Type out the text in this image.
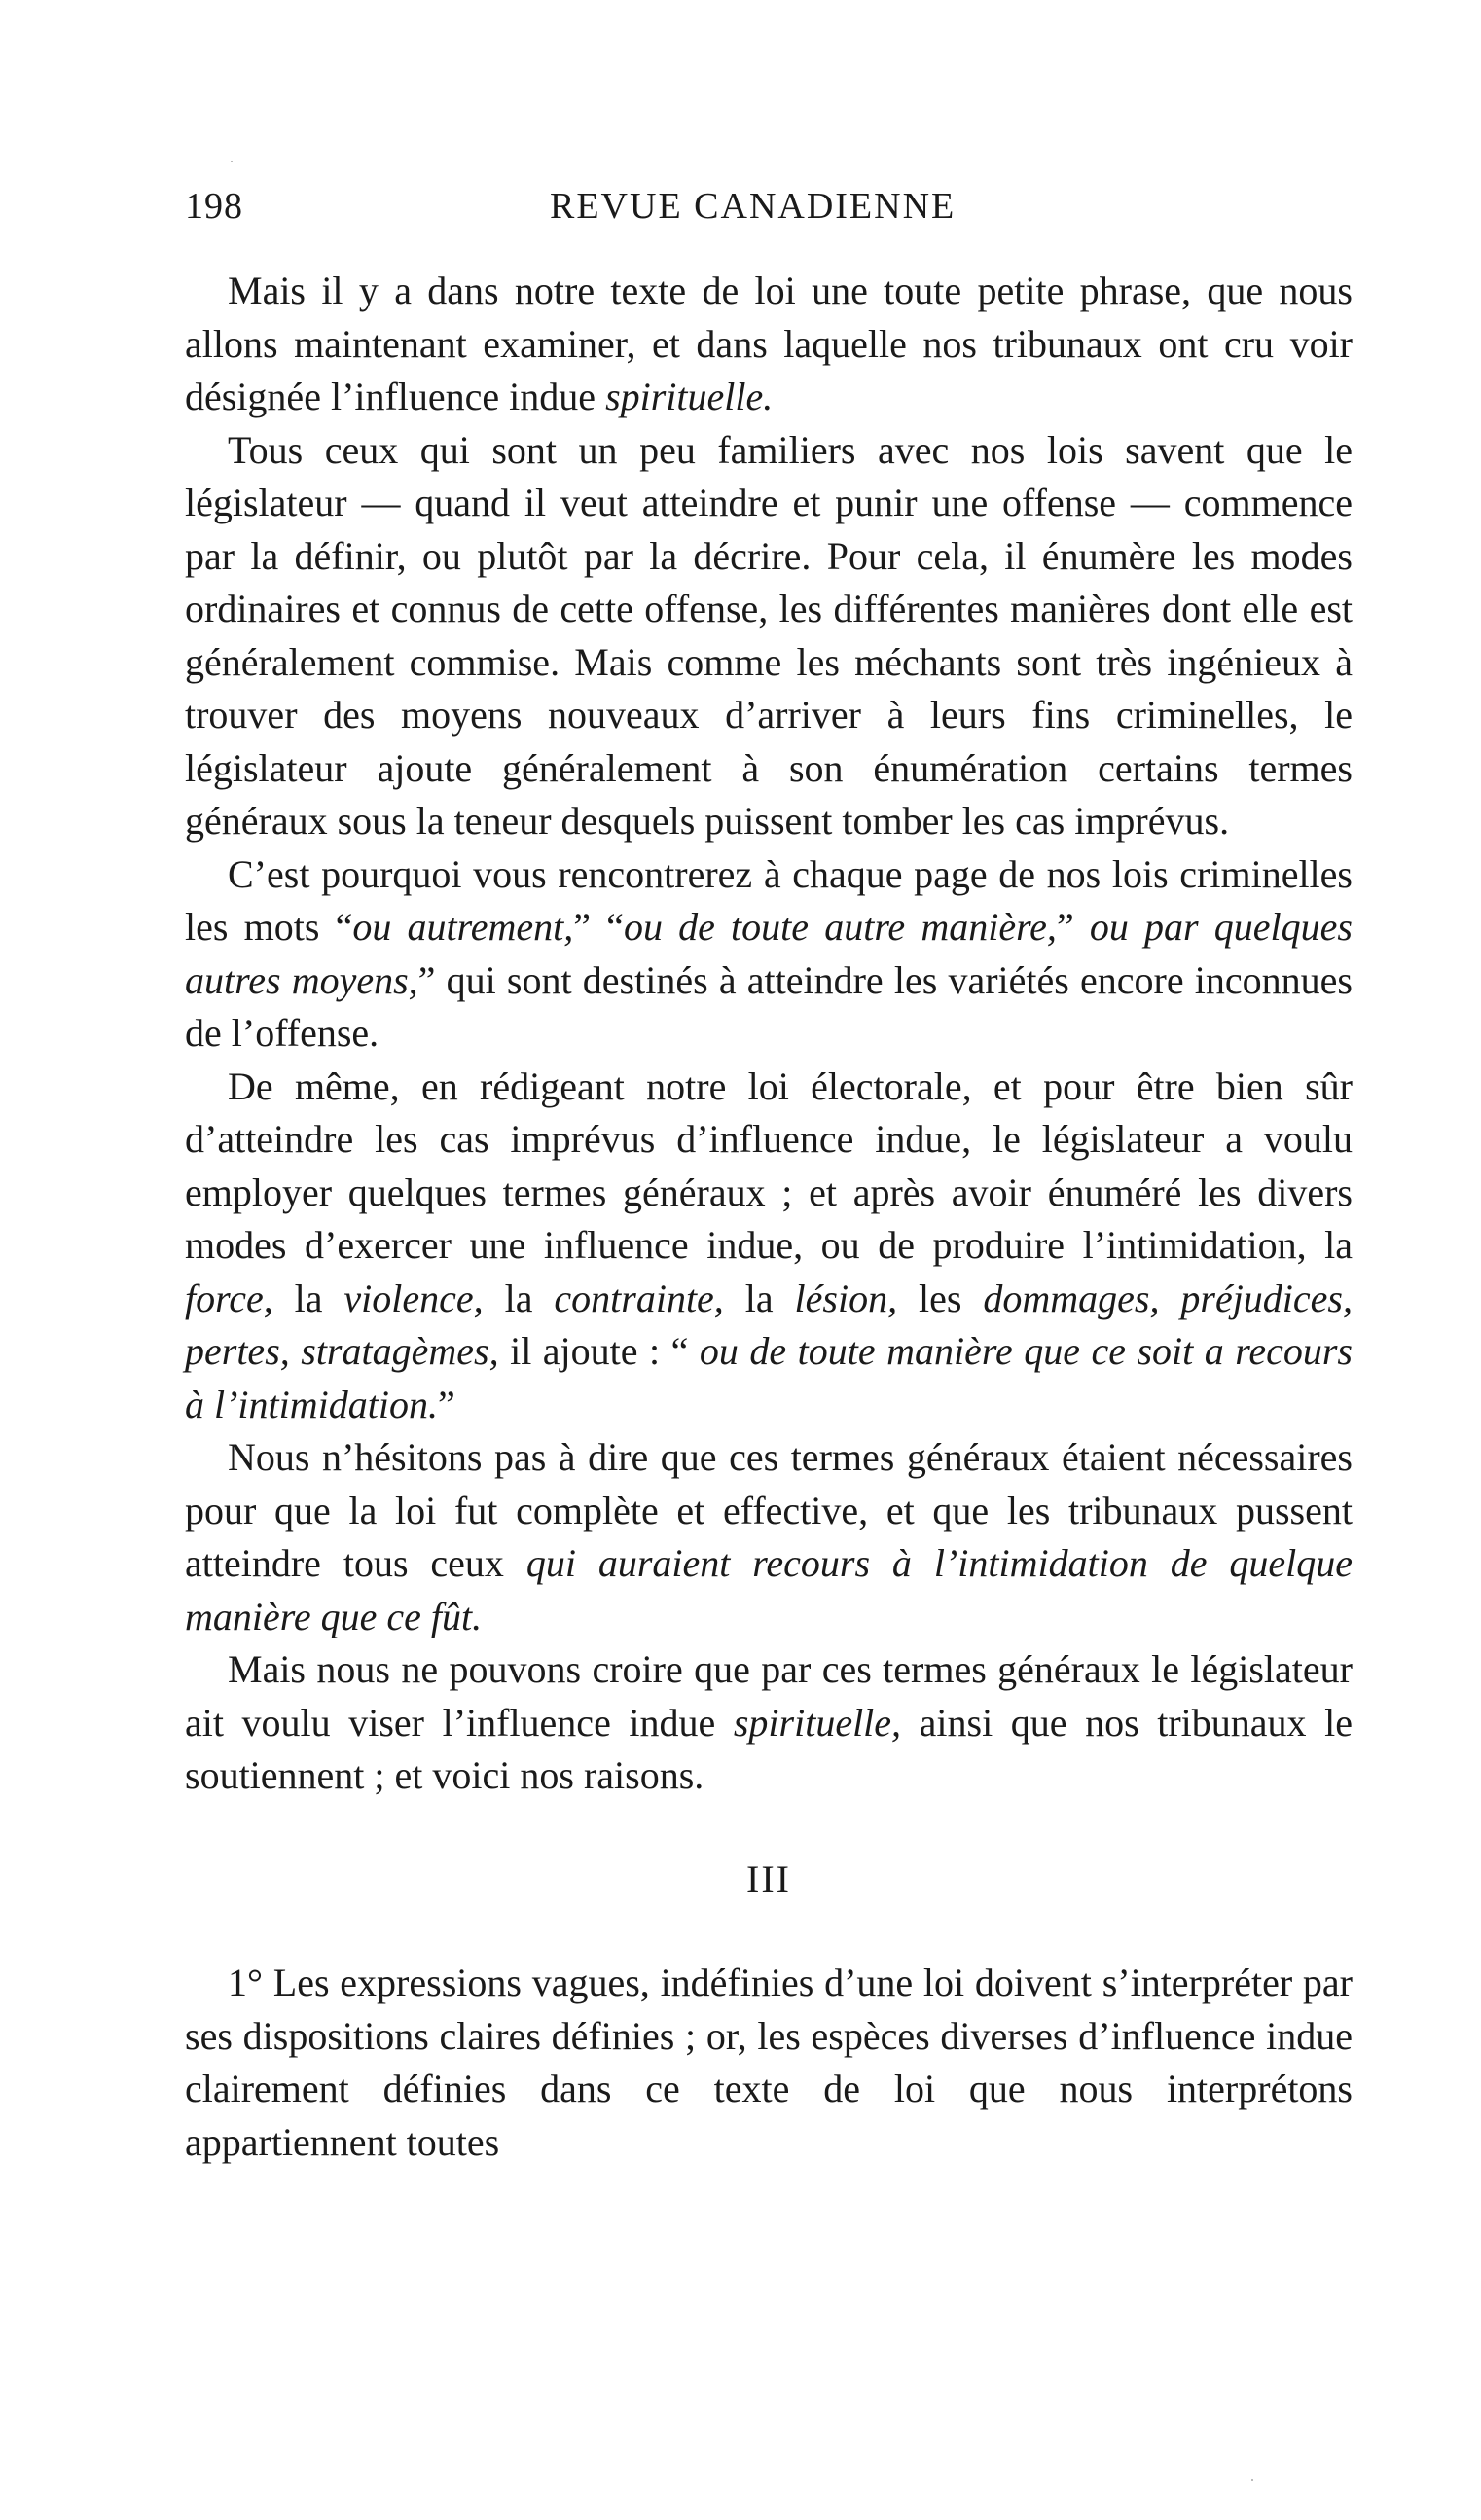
198	REVUE CANADIENNE

Mais il y a dans notre texte de loi une toute petite phrase, que nous allons maintenant examiner, et dans laquelle nos tribunaux ont cru voir désignée l’influence indue spirituelle.

Tous ceux qui sont un peu familiers avec nos lois savent que le législateur — quand il veut atteindre et punir une offense — commence par la définir, ou plutôt par la décrire. Pour cela, il énumère les modes ordinaires et connus de cette offense, les différentes manières dont elle est généralement commise. Mais comme les méchants sont très ingénieux à trouver des moyens nouveaux d’arriver à leurs fins criminelles, le législateur ajoute généralement à son énumération certains termes généraux sous la teneur desquels puissent tomber les cas imprévus.

C’est pourquoi vous rencontrerez à chaque page de nos lois criminelles les mots “ou autrement,” “ou de toute autre manière,” ou par quelques autres moyens,” qui sont destinés à atteindre les variétés encore inconnues de l’offense.

De même, en rédigeant notre loi électorale, et pour être bien sûr d’atteindre les cas imprévus d’influence indue, le législateur a voulu employer quelques termes généraux ; et après avoir énuméré les divers modes d’exercer une influence indue, ou de produire l’intimidation, la force, la violence, la contrainte, la lésion, les dommages, préjudices, pertes, stratagèmes, il ajoute : “ ou de toute manière que ce soit a recours à l’intimidation.”

Nous n’hésitons pas à dire que ces termes généraux étaient nécessaires pour que la loi fut complète et effective, et que les tribunaux pussent atteindre tous ceux qui auraient recours à l’intimidation de quelque manière que ce fût.

Mais nous ne pouvons croire que par ces termes généraux le législateur ait voulu viser l’influence indue spirituelle, ainsi que nos tribunaux le soutiennent ; et voici nos raisons.

III

1° Les expressions vagues, indéfinies d’une loi doivent s’interpréter par ses dispositions claires définies ; or, les espèces diverses d’influence indue clairement définies dans ce texte de loi que nous interprétons appartiennent toutes
